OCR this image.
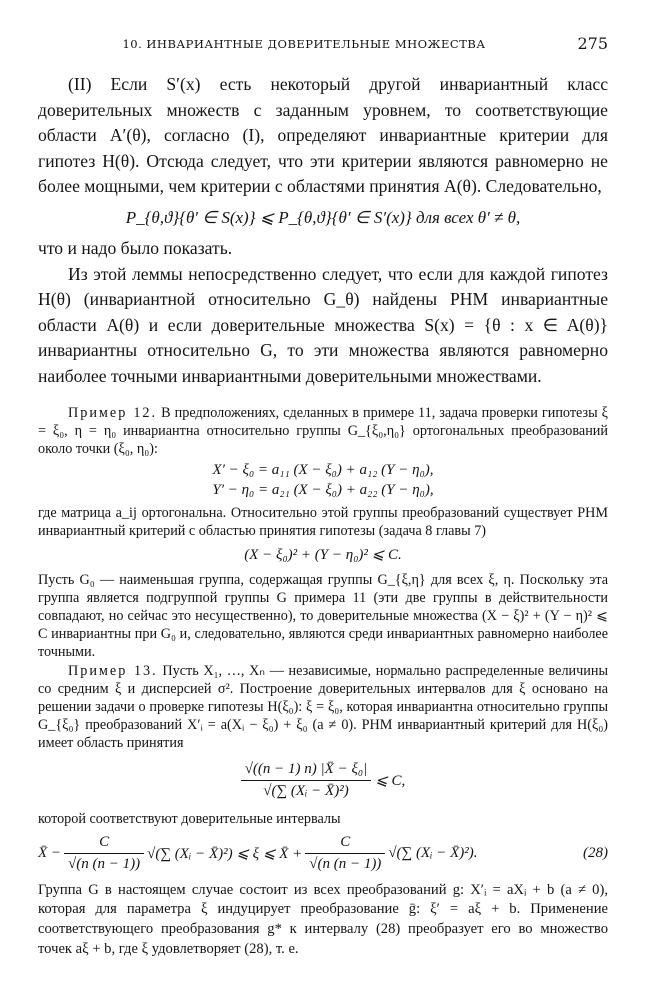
10. ИНВАРИАНТНЫЕ ДОВЕРИТЕЛЬНЫЕ МНОЖЕСТВА	275

(II) Если S′(x) есть некоторый другой инвариантный класс доверительных множеств с заданным уровнем, то соответствующие области A′(θ), согласно (I), определяют инвариантные критерии для гипотез H(θ). Отсюда следует, что эти критерии являются равномерно не более мощными, чем критерии с областями принятия A(θ). Следовательно,

P_{θ,ϑ}{θ′ ∈ S(x)} ⩽ P_{θ,ϑ}{θ′ ∈ S′(x)} для всех θ′ ≠ θ,

что и надо было показать.

Из этой леммы непосредственно следует, что если для каждой гипотез H(θ) (инвариантной относительно G_θ) найдены РНМ инвариантные области A(θ) и если доверительные множества S(x) = {θ : x ∈ A(θ)} инвариантны относительно G, то эти множества являются равномерно наиболее точными инвариантными доверительными множествами.

Пример 12. В предположениях, сделанных в примере 11, задача проверки гипотезы ξ = ξ₀, η = η₀ инвариантна относительно группы G_{ξ₀,η₀} ортогональных преобразований около точки (ξ₀, η₀):

X′ − ξ₀ = a₁₁ (X − ξ₀) + a₁₂ (Y − η₀),
Y′ − η₀ = a₂₁ (X − ξ₀) + a₂₂ (Y − η₀),

где матрица a_ij ортогональна. Относительно этой группы преобразований существует РНМ инвариантный критерий с областью принятия гипотезы (задача 8 главы 7)

(X − ξ₀)² + (Y − η₀)² ⩽ C.

Пусть G₀ — наименьшая группа, содержащая группы G_{ξ,η} для всех ξ, η. Поскольку эта группа является подгруппой группы G примера 11 (эти две группы в действительности совпадают, но сейчас это несущественно), то доверительные множества (X − ξ)² + (Y − η)² ⩽ C инвариантны при G₀ и, следовательно, являются среди инвариантных равномерно наиболее точными.

Пример 13. Пусть X₁, …, Xₙ — независимые, нормально распределенные величины со средним ξ и дисперсией σ². Построение доверительных интервалов для ξ основано на решении задачи о проверке гипотезы H(ξ₀): ξ = ξ₀, которая инвариантна относительно группы G_{ξ₀} преобразований X′ᵢ = a(Xᵢ − ξ₀) + ξ₀ (a ≠ 0). РНМ инвариантный критерий для H(ξ₀) имеет область принятия

$\frac{\text{√((n − 1) n) |X̄ − ξ₀|}}{\text{√(∑ (Xᵢ − X̄)²)}}$ ⩽ C,

которой соответствуют доверительные интервалы

X̄ − $\frac{C}{√(n (n - 1))}$ √(∑ (Xᵢ − X̄)²) ⩽ ξ ⩽ X̄ + $\frac{C}{√(n (n - 1))}$ √(∑ (Xᵢ − X̄)²).	(28)

Группа G в настоящем случае состоит из всех преобразований g: X′ᵢ = aXᵢ + b (a ≠ 0), которая для параметра ξ индуцирует преобразование ḡ: ξ′ = aξ + b. Применение соответствующего преобразования g* к интервалу (28) преобразует его во множество точек aξ + b, где ξ удовлетворяет (28), т. е.
